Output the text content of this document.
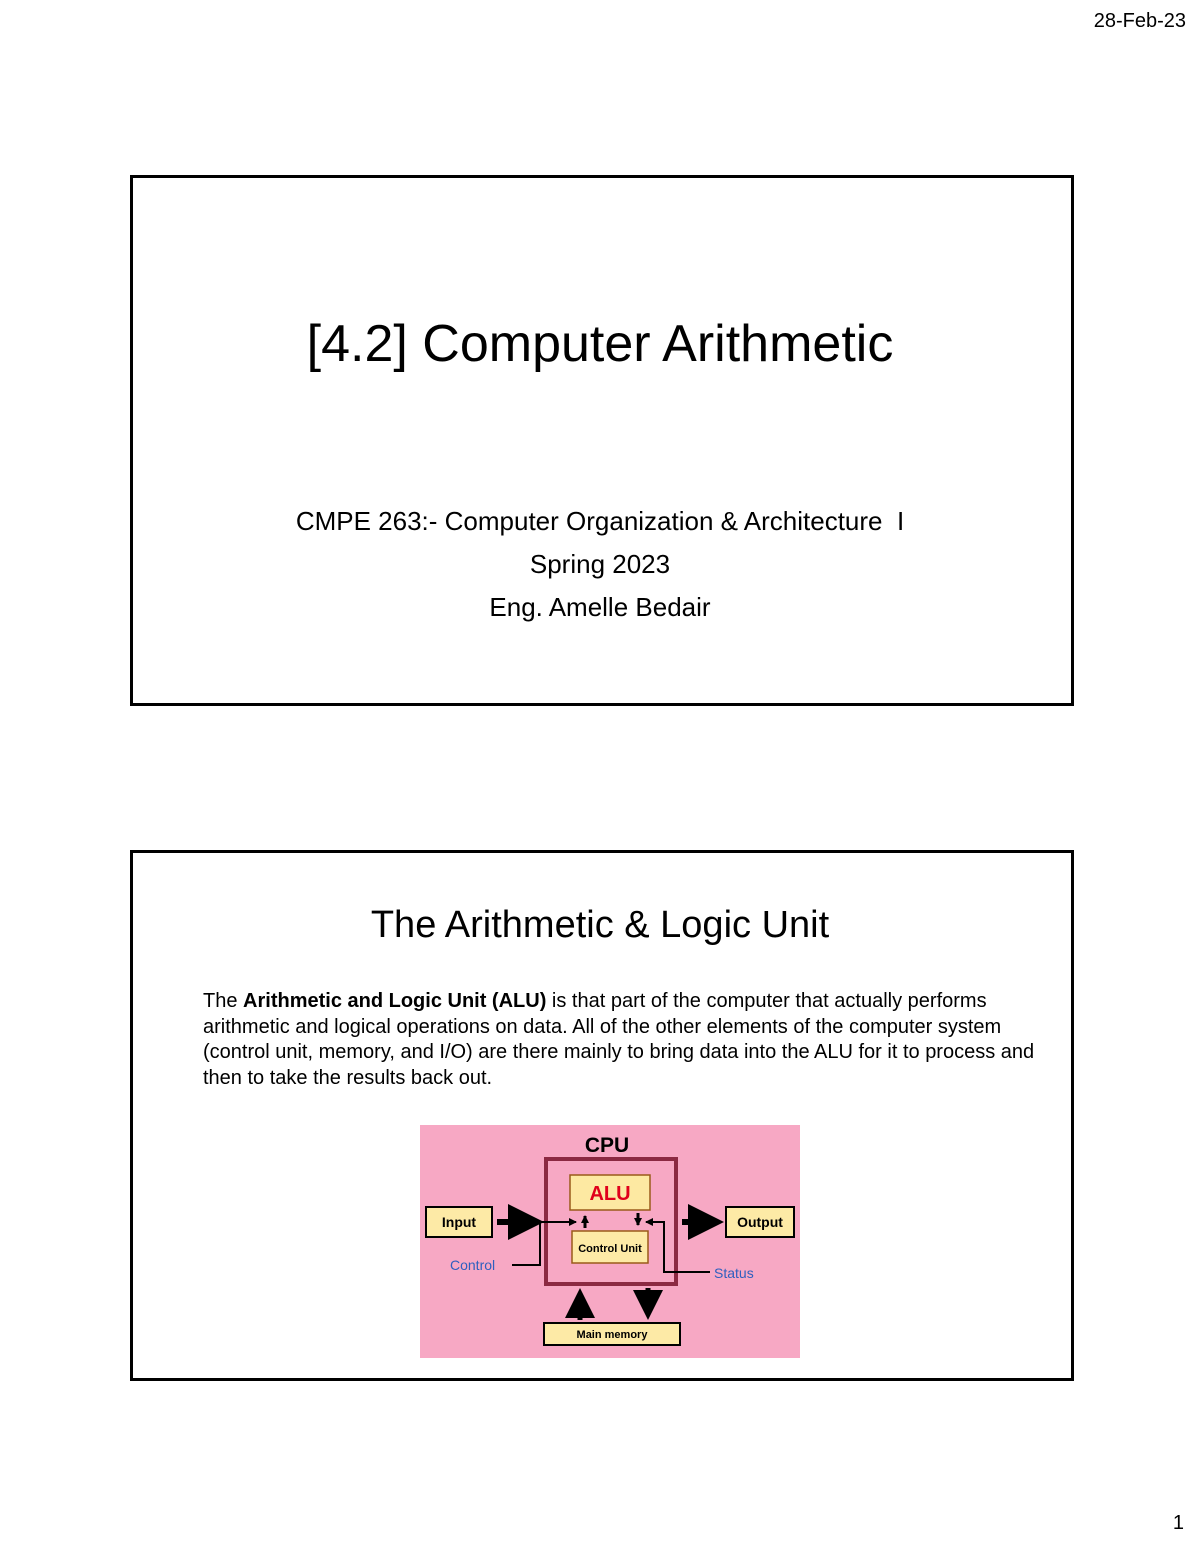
28-Feb-23
[4.2] Computer Arithmetic
CMPE 263:- Computer Organization & Architecture  I
Spring 2023
Eng. Amelle Bedair
The Arithmetic & Logic Unit
The Arithmetic and Logic Unit (ALU) is that part of the computer that actually performs arithmetic and logical operations on data. All of the other elements of the computer system (control unit, memory, and I/O) are there mainly to bring data into the ALU for it to process and then to take the results back out.
CPU
ALU
Control Unit
Input	Output
Control	Status
Main memory
1
